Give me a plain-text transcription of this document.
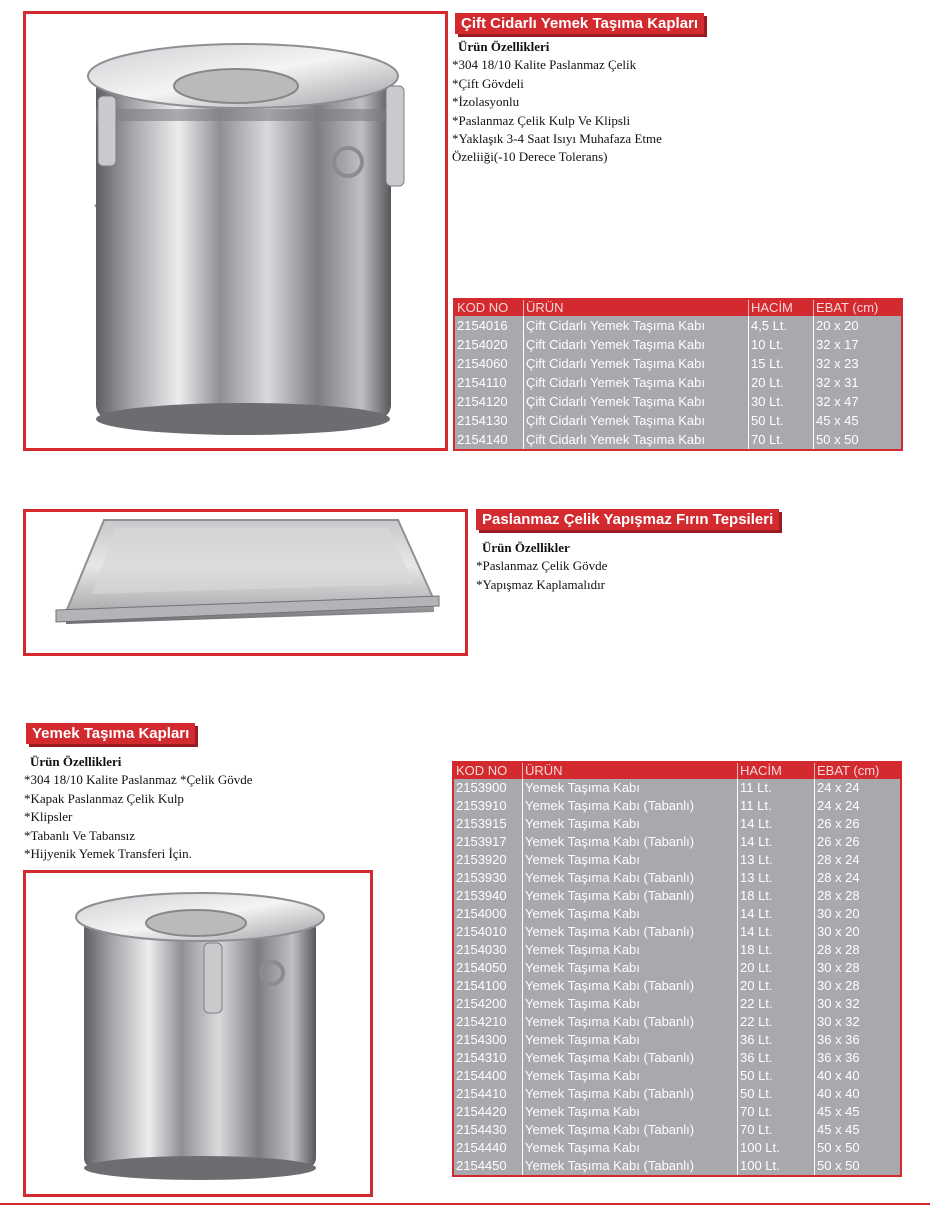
Çift Cidarlı Yemek Taşıma Kapları
Ürün Özellikleri
*304 18/10 Kalite Paslanmaz Çelik
*Çift Gövdeli
*İzolasyonlu
*Paslanmaz Çelik Kulp Ve Klipsli
*Yaklaşık 3-4 Saat Isıyı Muhafaza Etme
Özeliiği(-10 Derece Tolerans)
KOD NO	ÜRÜN	HACİM	EBAT (cm)
2154016	Çift Cidarlı Yemek Taşıma Kabı	4,5 Lt.	20 x 20
2154020	Çift Cidarlı Yemek Taşıma Kabı	10 Lt.	32 x 17
2154060	Çift Cidarlı Yemek Taşıma Kabı	15 Lt.	32 x 23
2154110	Çift Cidarlı Yemek Taşıma Kabı	20 Lt.	32 x 31
2154120	Çift Cidarlı Yemek Taşıma Kabı	30 Lt.	32 x 47
2154130	Çift Cidarlı Yemek Taşıma Kabı	50 Lt.	45 x 45
2154140	Çift Cidarlı Yemek Taşıma Kabı	70 Lt.	50 x 50
Paslanmaz Çelik Yapışmaz Fırın Tepsileri
Ürün Özellikler
*Paslanmaz Çelik Gövde
*Yapışmaz Kaplamalıdır
Yemek Taşıma Kapları
Ürün Özellikleri
*304 18/10 Kalite Paslanmaz *Çelik Gövde
*Kapak Paslanmaz Çelik Kulp
*Klipsler
*Tabanlı Ve Tabansız
*Hijyenik Yemek Transferi İçin.
KOD NO	ÜRÜN	HACİM	EBAT (cm)
2153900	Yemek Taşıma Kabı	11 Lt.	24 x 24
2153910	Yemek Taşıma Kabı (Tabanlı)	11 Lt.	24 x 24
2153915	Yemek Taşıma Kabı	14 Lt.	26 x 26
2153917	Yemek Taşıma Kabı (Tabanlı)	14 Lt.	26 x 26
2153920	Yemek Taşıma Kabı	13 Lt.	28 x 24
2153930	Yemek Taşıma Kabı (Tabanlı)	13 Lt.	28 x 24
2153940	Yemek Taşıma Kabı (Tabanlı)	18 Lt.	28 x 28
2154000	Yemek Taşıma Kabı	14 Lt.	30 x 20
2154010	Yemek Taşıma Kabı (Tabanlı)	14 Lt.	30 x 20
2154030	Yemek Taşıma Kabı	18 Lt.	28 x 28
2154050	Yemek Taşıma Kabı	20 Lt.	30 x 28
2154100	Yemek Taşıma Kabı (Tabanlı)	20 Lt.	30 x 28
2154200	Yemek Taşıma Kabı	22 Lt.	30 x 32
2154210	Yemek Taşıma Kabı (Tabanlı)	22 Lt.	30 x 32
2154300	Yemek Taşıma Kabı	36 Lt.	36 x 36
2154310	Yemek Taşıma Kabı (Tabanlı)	36 Lt.	36 x 36
2154400	Yemek Taşıma Kabı	50 Lt.	40 x 40
2154410	Yemek Taşıma Kabı (Tabanlı)	50 Lt.	40 x 40
2154420	Yemek Taşıma Kabı	70 Lt.	45 x 45
2154430	Yemek Taşıma Kabı (Tabanlı)	70 Lt.	45 x 45
2154440	Yemek Taşıma Kabı	100 Lt.	50 x 50
2154450	Yemek Taşıma Kabı (Tabanlı)	100 Lt.	50 x 50
